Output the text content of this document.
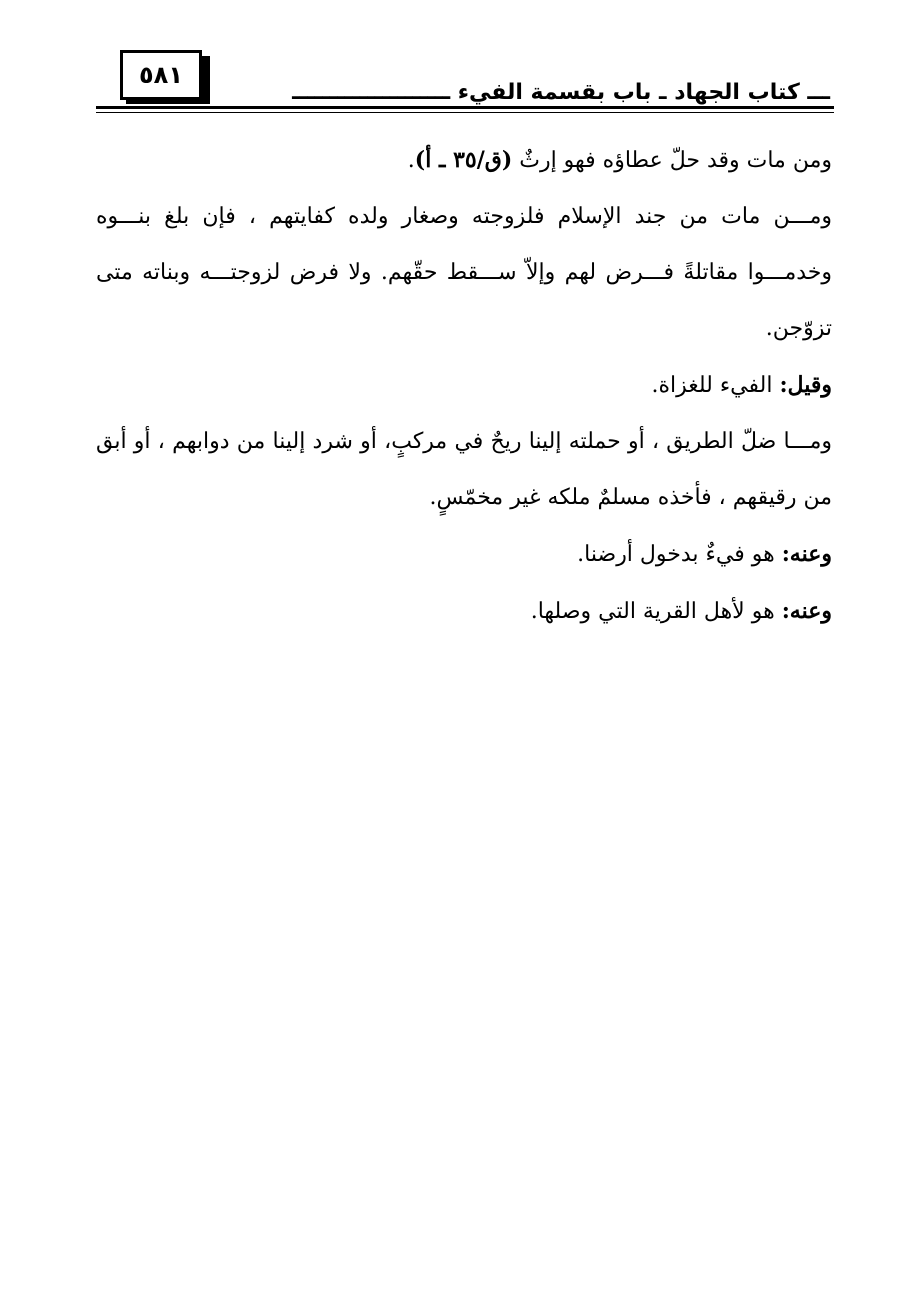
٥٨١
ـــ كتاب الجهاد ـ باب بقسمة الفيء ـــــــــــــــــــــ

ومن مات وقد حلّ عطاؤه فهو إرثٌ (ق/٣٥ ـ أ).

ومـــن مات من جند الإسلام فلزوجته وصغار ولده كفايتهم ، فإن بلغ بنـــوه وخدمـــوا مقاتلةً فـــرض لهم وإلاّ ســـقط حقّهم. ولا فرض لزوجتـــه وبناته متى تزوّجن.

وقيل: الفيء للغزاة.

ومـــا ضلّ الطريق ، أو حملته إلينا ريحٌ في مركبٍ، أو شرد إلينا من دوابهم ، أو أبق من رقيقهم ، فأخذه مسلمٌ ملكه غير مخمّسٍ.

وعنه: هو فيءٌ بدخول أرضنا.

وعنه: هو لأهل القرية التي وصلها.
